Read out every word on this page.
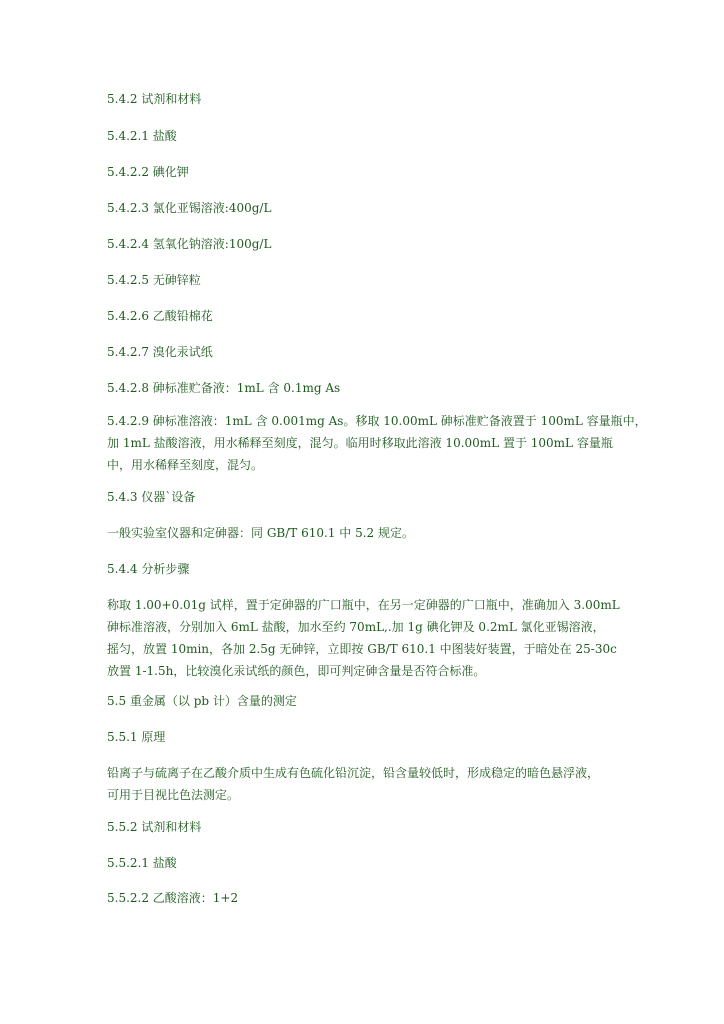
5.4.2 试剂和材料
5.4.2.1 盐酸
5.4.2.2 碘化钾
5.4.2.3 氯化亚锡溶液:400g/L
5.4.2.4 氢氧化钠溶液:100g/L
5.4.2.5 无砷锌粒
5.4.2.6 乙酸铅棉花
5.4.2.7 溴化汞试纸
5.4.2.8 砷标准贮备液：1mL 含 0.1mg As
5.4.2.9 砷标准溶液：1mL 含 0.001mg As。移取 10.00mL 砷标准贮备液置于 100mL 容量瓶中，
加 1mL 盐酸溶液，用水稀释至刻度，混匀。临用时移取此溶液 10.00mL 置于 100mL 容量瓶
中，用水稀释至刻度，混匀。
5.4.3 仪器`设备
一般实验室仪器和定砷器：同 GB/T 610.1 中 5.2 规定。
5.4.4 分析步骤
称取 1.00+0.01g 试样，置于定砷器的广口瓶中，在另一定砷器的广口瓶中，准确加入 3.00mL
砷标准溶液，分别加入 6mL 盐酸，加水至约 70mL,.加 1g 碘化钾及 0.2mL 氯化亚锡溶液，
摇匀，放置 10min，各加 2.5g 无砷锌，立即按 GB/T 610.1 中图装好装置，于暗处在 25-30c
放置 1-1.5h，比较溴化汞试纸的颜色，即可判定砷含量是否符合标准。
5.5 重金属（以 pb 计）含量的测定
5.5.1 原理
铅离子与硫离子在乙酸介质中生成有色硫化铅沉淀，铅含量较低时，形成稳定的暗色悬浮液，
可用于目视比色法测定。
5.5.2 试剂和材料
5.5.2.1 盐酸
5.5.2.2 乙酸溶液：1+2
